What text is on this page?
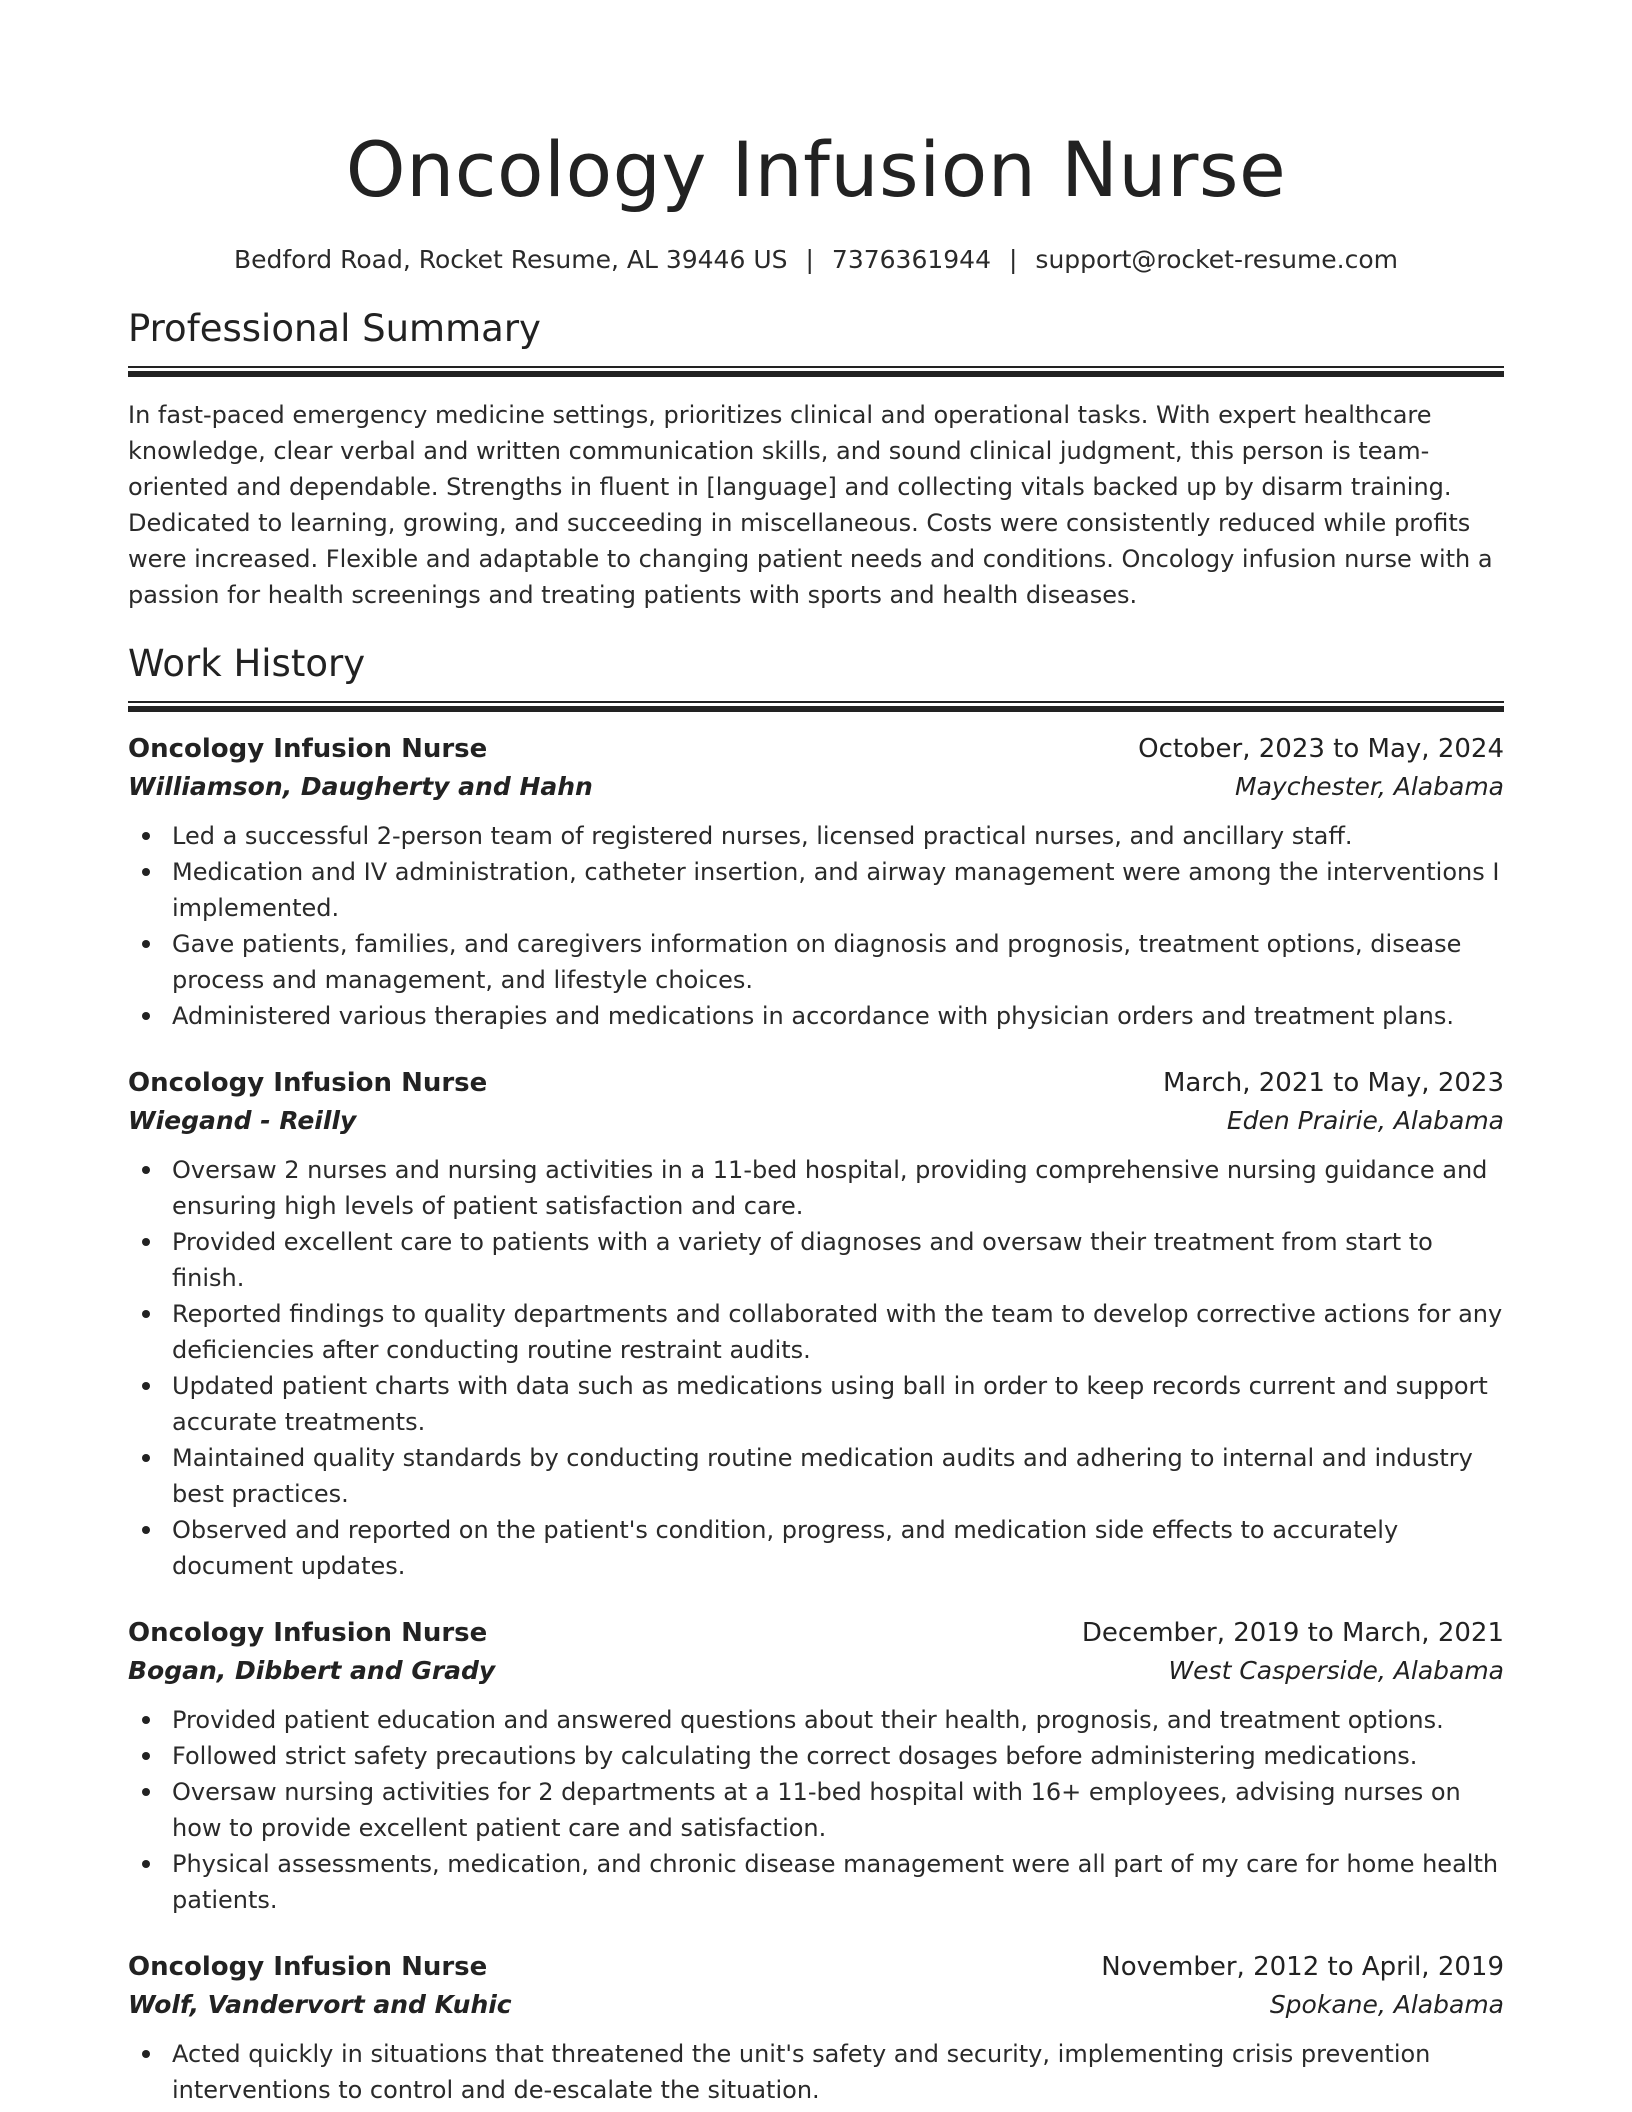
Oncology Infusion Nurse
Bedford Road, Rocket Resume, AL 39446 US | 7376361944 | support@rocket-resume.com
Professional Summary

In fast-paced emergency medicine settings, prioritizes clinical and operational tasks. With expert healthcare knowledge, clear verbal and written communication skills, and sound clinical judgment, this person is team-oriented and dependable. Strengths in fluent in [language] and collecting vitals backed up by disarm training. Dedicated to learning, growing, and succeeding in miscellaneous. Costs were consistently reduced while profits were increased. Flexible and adaptable to changing patient needs and conditions. Oncology infusion nurse with a passion for health screenings and treating patients with sports and health diseases.

Work History
Oncology Infusion Nurse	October, 2023 to May, 2024
Williamson, Daugherty and Hahn	Maychester, Alabama
Led a successful 2-person team of registered nurses, licensed practical nurses, and ancillary staff.
Medication and IV administration, catheter insertion, and airway management were among the interventions I implemented.
Gave patients, families, and caregivers information on diagnosis and prognosis, treatment options, disease process and management, and lifestyle choices.
Administered various therapies and medications in accordance with physician orders and treatment plans.
Oncology Infusion Nurse	March, 2021 to May, 2023
Wiegand - Reilly	Eden Prairie, Alabama
Oversaw 2 nurses and nursing activities in a 11-bed hospital, providing comprehensive nursing guidance and ensuring high levels of patient satisfaction and care.
Provided excellent care to patients with a variety of diagnoses and oversaw their treatment from start to finish.
Reported findings to quality departments and collaborated with the team to develop corrective actions for any deficiencies after conducting routine restraint audits.
Updated patient charts with data such as medications using ball in order to keep records current and support accurate treatments.
Maintained quality standards by conducting routine medication audits and adhering to internal and industry best practices.
Observed and reported on the patient's condition, progress, and medication side effects to accurately document updates.
Oncology Infusion Nurse	December, 2019 to March, 2021
Bogan, Dibbert and Grady	West Casperside, Alabama
Provided patient education and answered questions about their health, prognosis, and treatment options.
Followed strict safety precautions by calculating the correct dosages before administering medications.
Oversaw nursing activities for 2 departments at a 11-bed hospital with 16+ employees, advising nurses on how to provide excellent patient care and satisfaction.
Physical assessments, medication, and chronic disease management were all part of my care for home health patients.
Oncology Infusion Nurse	November, 2012 to April, 2019
Wolf, Vandervort and Kuhic	Spokane, Alabama
Acted quickly in situations that threatened the unit's safety and security, implementing crisis prevention interventions to control and de-escalate the situation.
